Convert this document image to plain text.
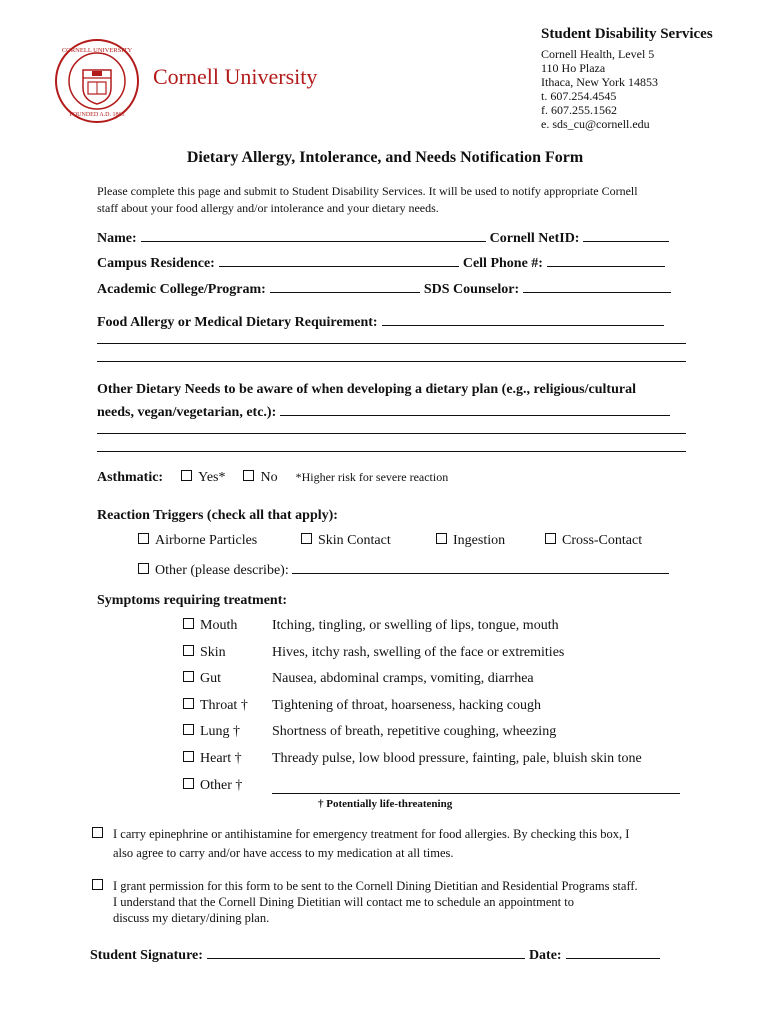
CORNELL UNIVERSITY
FOUNDED A.D. 1865
Cornell University
Student Disability Services
Cornell Health, Level 5
110 Ho Plaza
Ithaca, New York 14853
t. 607.254.4545
f. 607.255.1562
e. sds_cu@cornell.edu
Dietary Allergy, Intolerance, and Needs Notification Form
Please complete this page and submit to Student Disability Services. It will be used to notify appropriate Cornell
staff about your food allergy and/or intolerance and your dietary needs.
Name:	Cornell NetID:
Campus Residence:	Cell Phone #:
Academic College/Program:	SDS Counselor:
Food Allergy or Medical Dietary Requirement:
Other Dietary Needs to be aware of when developing a dietary plan (e.g., religious/cultural
needs, vegan/vegetarian, etc.):
Asthmatic:	Yes*	No *Higher risk for severe reaction
Reaction Triggers (check all that apply):
Airborne Particles	Skin Contact	Ingestion	Cross-Contact
Other (please describe):
Symptoms requiring treatment:
Mouth Itching, tingling, or swelling of lips, tongue, mouth
Skin	Hives, itchy rash, swelling of the face or extremities
Gut	Nausea, abdominal cramps, vomiting, diarrhea
Throat † Tightening of throat, hoarseness, hacking cough
Lung † Shortness of breath, repetitive coughing, wheezing
Heart † Thready pulse, low blood pressure, fainting, pale, bluish skin tone
Other †
† Potentially life-threatening
I carry epinephrine or antihistamine for emergency treatment for food allergies. By checking this box, I
also agree to carry and/or have access to my medication at all times.
I grant permission for this form to be sent to the Cornell Dining Dietitian and Residential Programs staff.
I understand that the Cornell Dining Dietitian will contact me to schedule an appointment to
discuss my dietary/dining plan.
Student Signature:	Date:
